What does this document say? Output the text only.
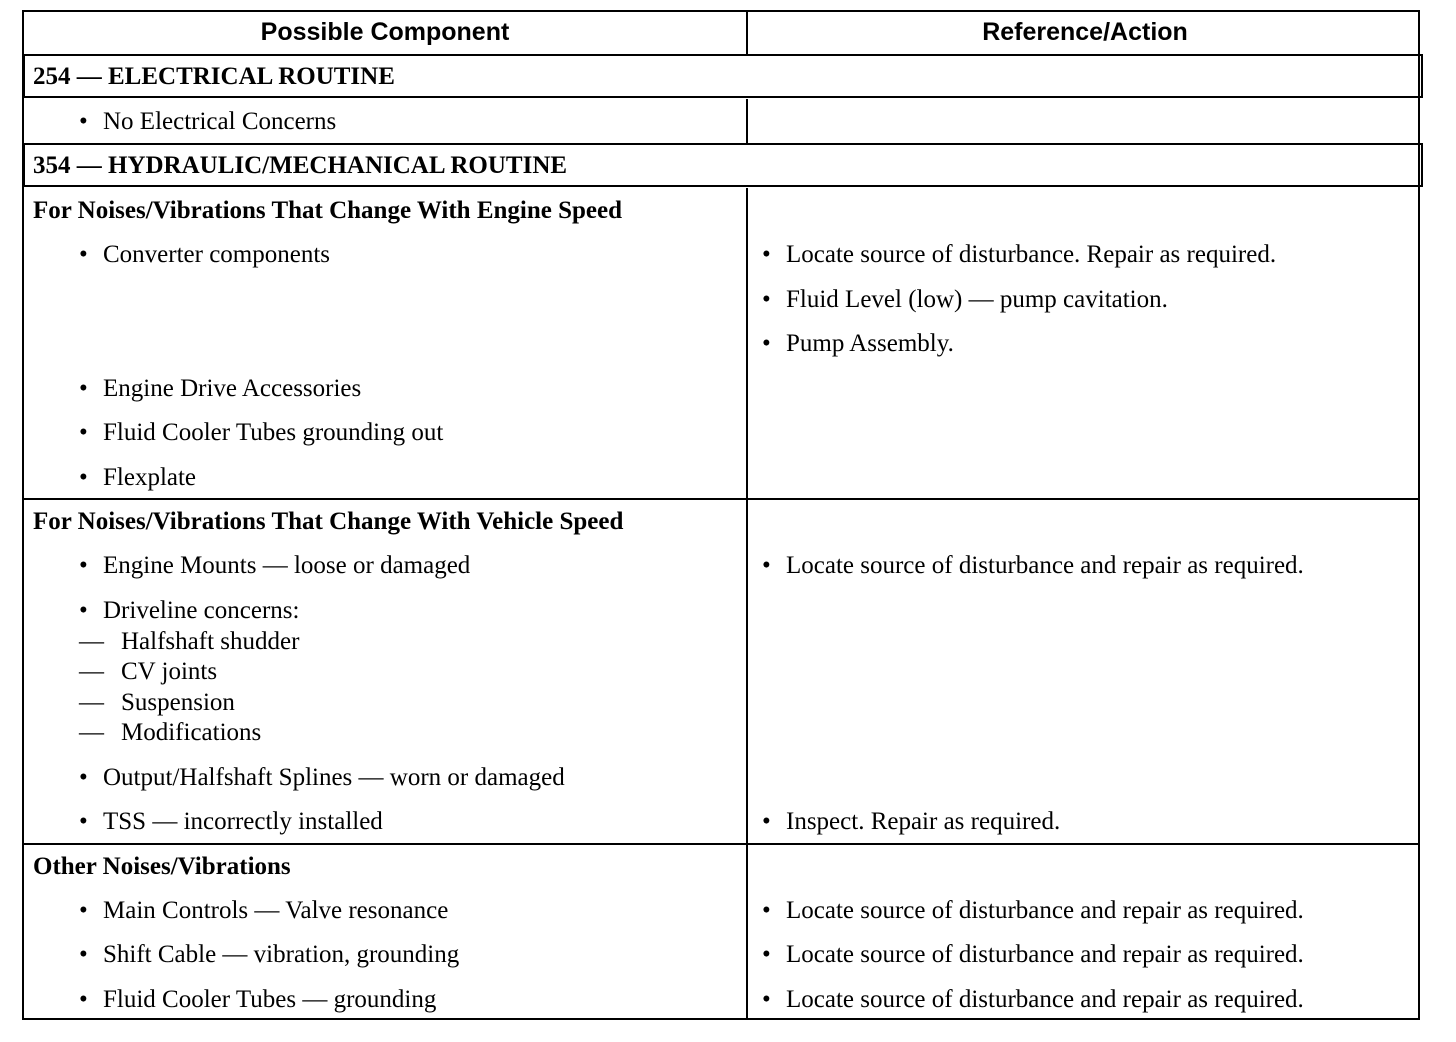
Possible Component	Reference/Action
254 — ELECTRICAL ROUTINE
• No Electrical Concerns
354 — HYDRAULIC/MECHANICAL ROUTINE
For Noises/Vibrations That Change With Engine Speed
• Converter components
• Engine Drive Accessories
• Fluid Cooler Tubes grounding out
• Flexplate
• Locate source of disturbance. Repair as required.
• Fluid Level (low) — pump cavitation.
• Pump Assembly.
For Noises/Vibrations That Change With Vehicle Speed
• Engine Mounts — loose or damaged
• Driveline concerns:
— Halfshaft shudder
— CV joints
— Suspension
— Modifications
• Output/Halfshaft Splines — worn or damaged
• TSS — incorrectly installed
• Locate source of disturbance and repair as required.
• Inspect. Repair as required.
Other Noises/Vibrations
• Main Controls — Valve resonance
• Shift Cable — vibration, grounding
• Fluid Cooler Tubes — grounding
• Locate source of disturbance and repair as required.
• Locate source of disturbance and repair as required.
• Locate source of disturbance and repair as required.
